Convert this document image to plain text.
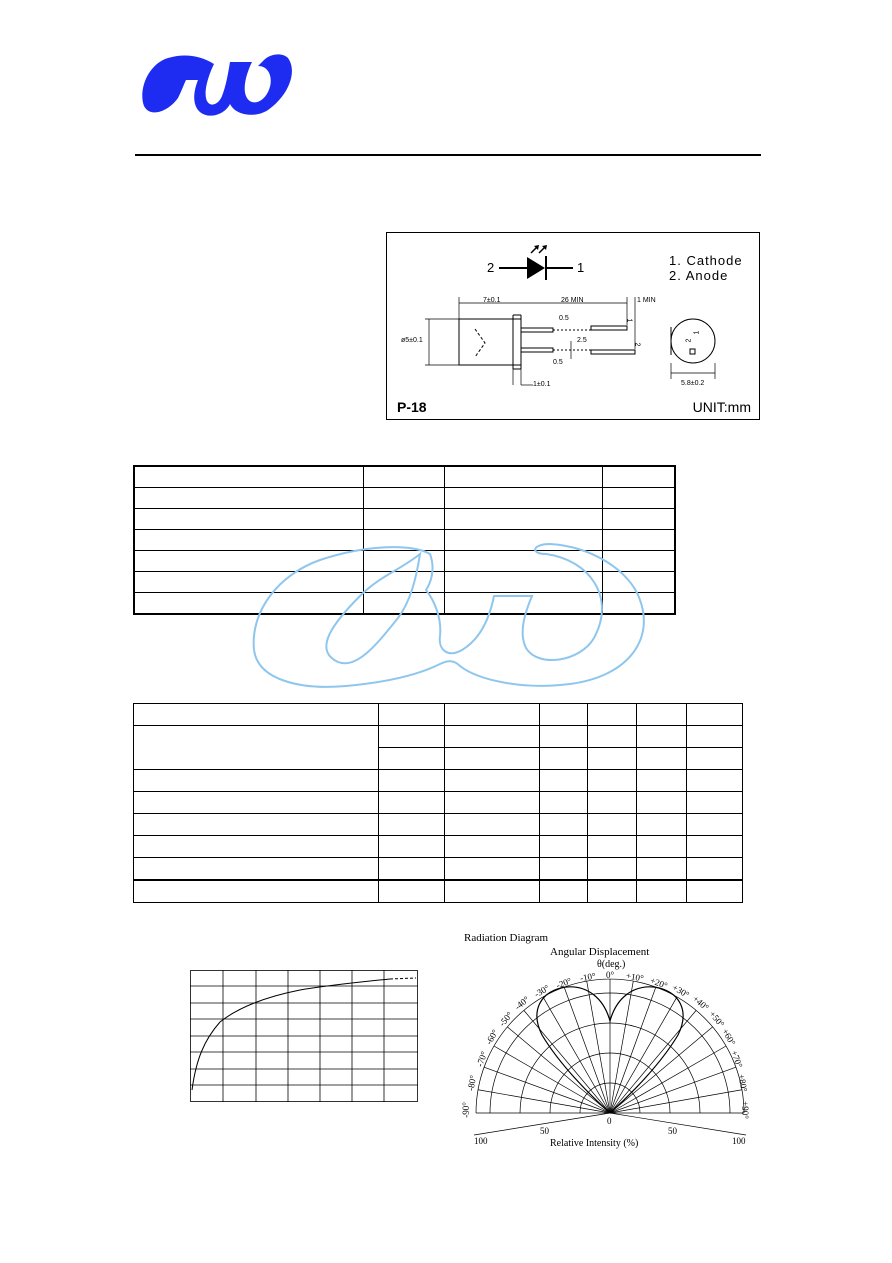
2	1	1. Cathode
2. Anode
7±0.1	26 MIN	1 MIN
ø5±0.1
0.5
2.5
0.5
1±0.1	5.8±0.2
1
2
1
2
P-18	UNIT:mm

Radiation Diagram
Angular Displacement
θ(deg.)
-90°
-80°
-70°
-60°
-50°
-40°
-30° -20° -10° 0° +10° +20° +30°
+40°
+50°
+60°
+70°
+80°
+90°
100
50
0
50
100
Relative Intensity (%)
